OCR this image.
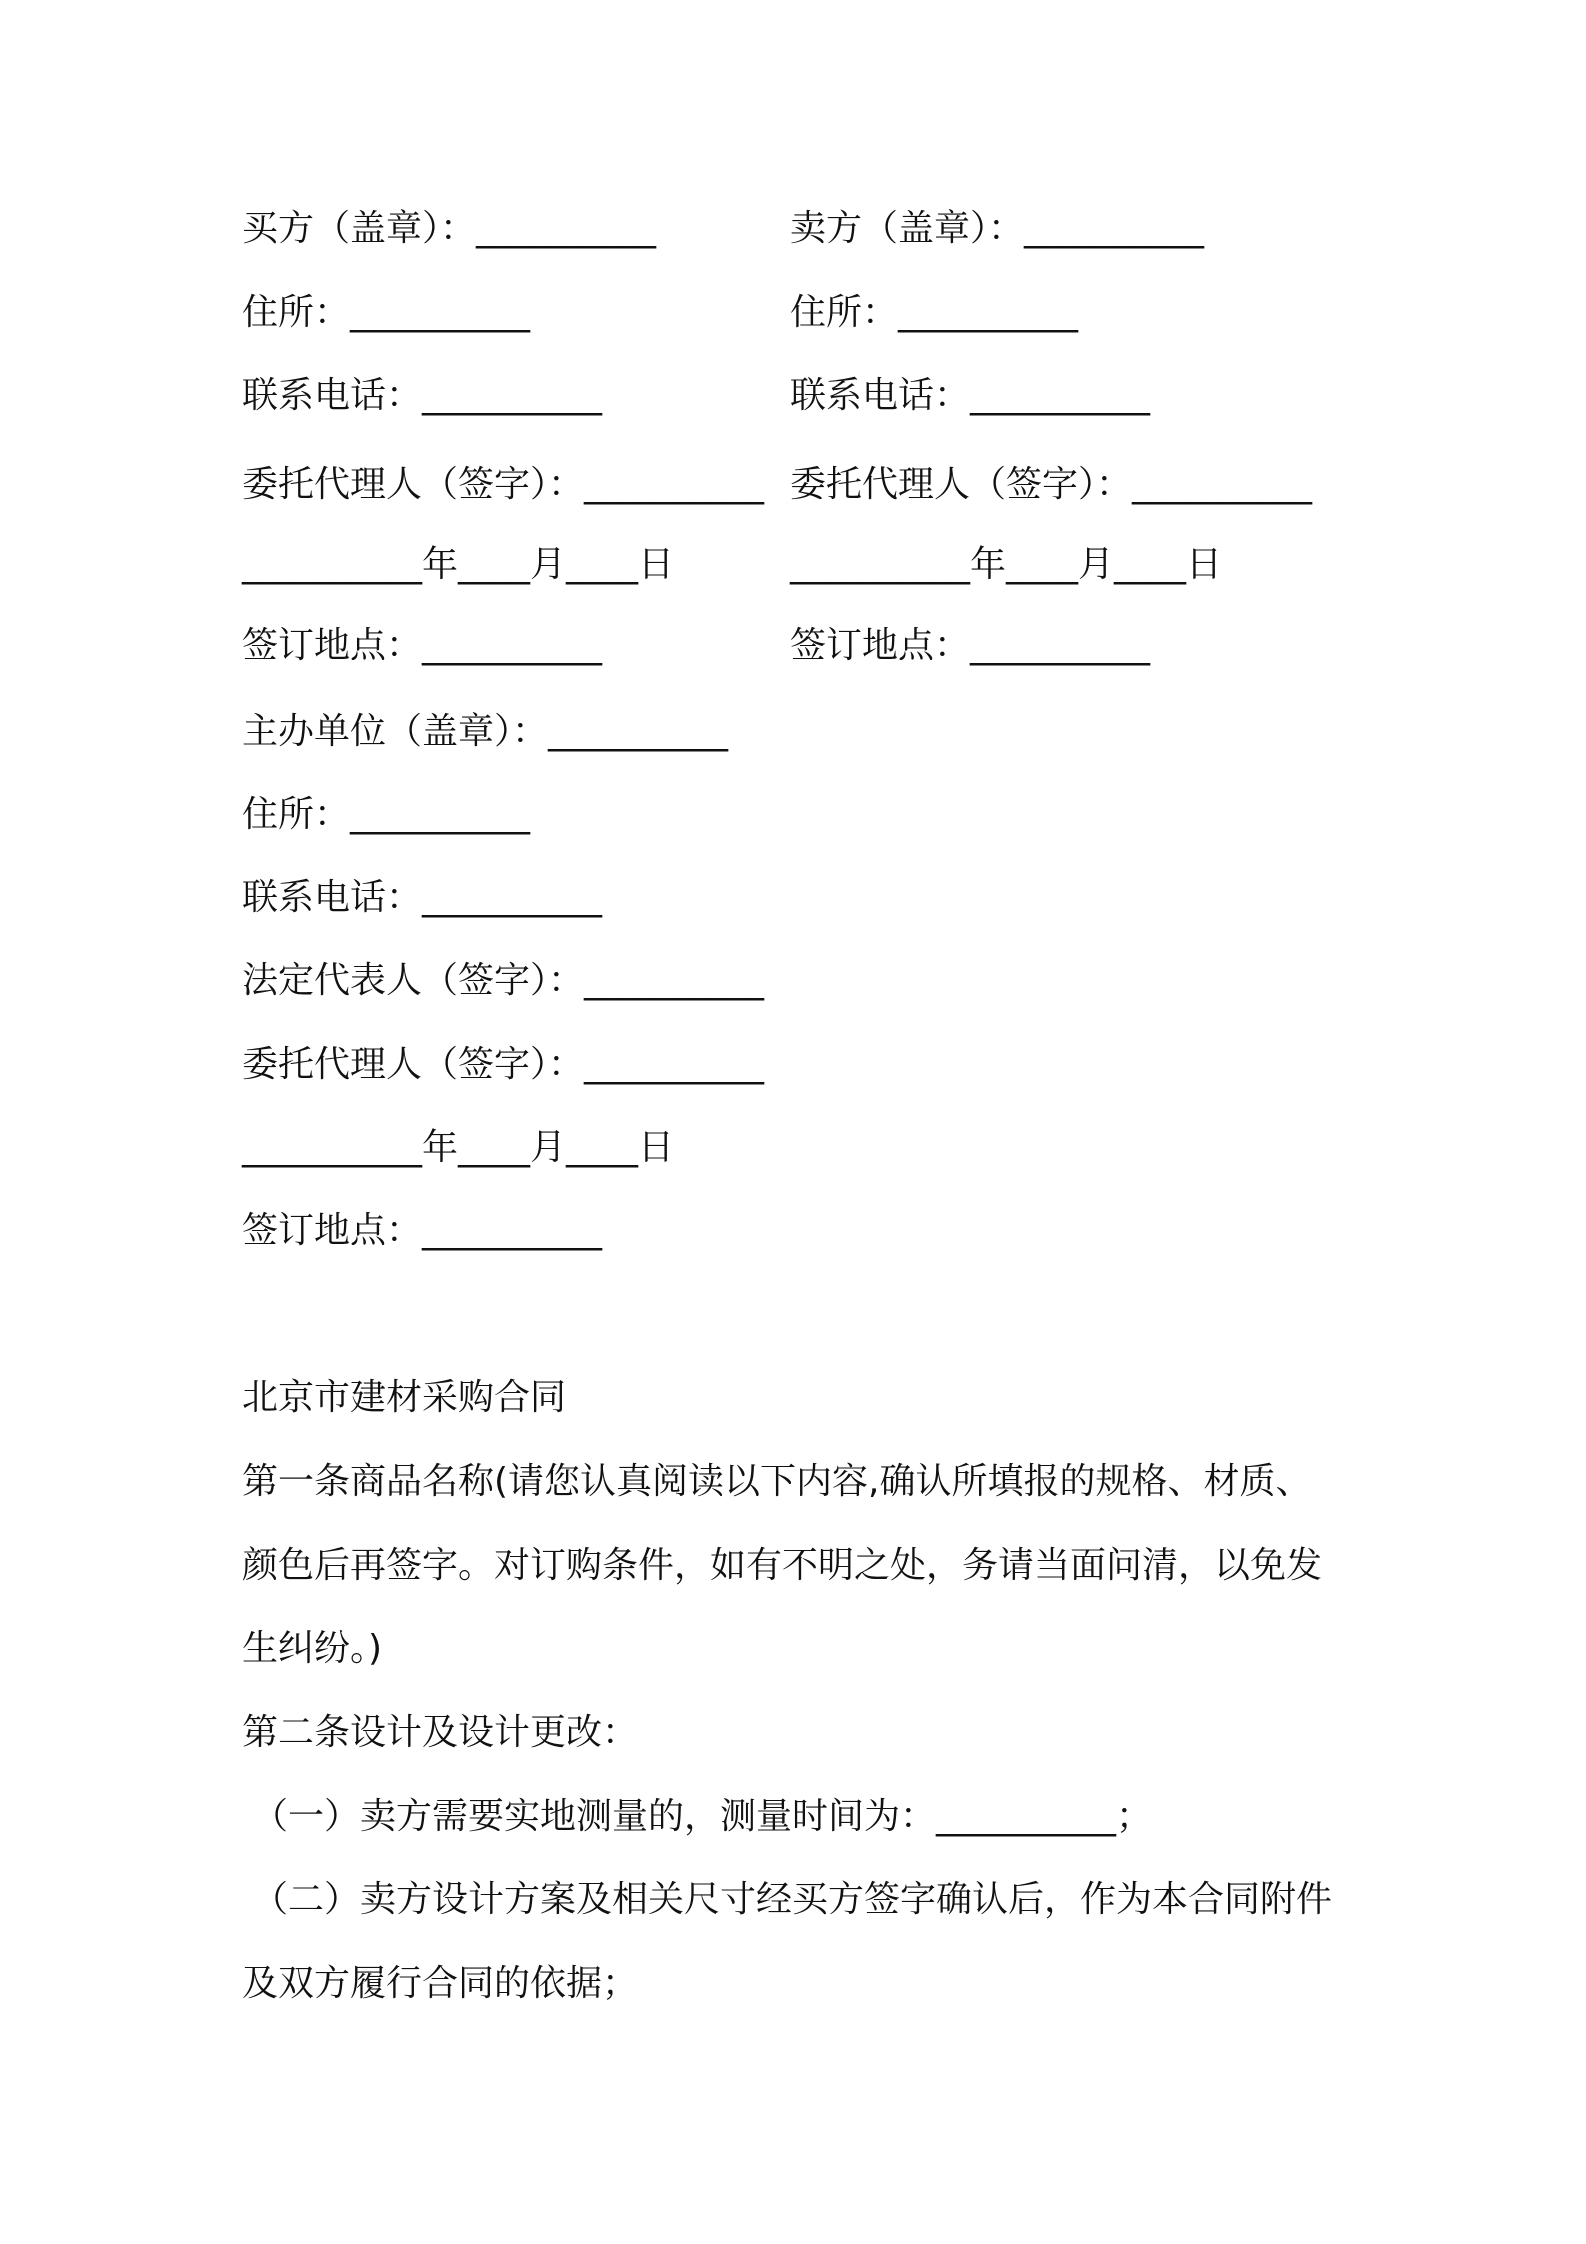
买方（盖章）：__________	卖方（盖章）：__________
住所：__________	住所：__________
联系电话：__________	联系电话：__________
委托代理人（签字）：__________ 委托代理人（签字）：__________
__________年____月____日	__________年____月____日
签订地点：__________	签订地点：__________
主办单位（盖章）：__________
住所：__________
联系电话：__________
法定代表人（签字）：__________
委托代理人（签字）：__________
__________年____月____日
签订地点：__________
北京市建材采购合同
第一条商品名称(请您认真阅读以下内容,确认所填报的规格、材质、
颜色后再签字。对订购条件，如有不明之处，务请当面问清，以免发
生纠纷。)
第二条设计及设计更改：
（一）卖方需要实地测量的，测量时间为：__________；
（二）卖方设计方案及相关尺寸经买方签字确认后，作为本合同附件
及双方履行合同的依据；
